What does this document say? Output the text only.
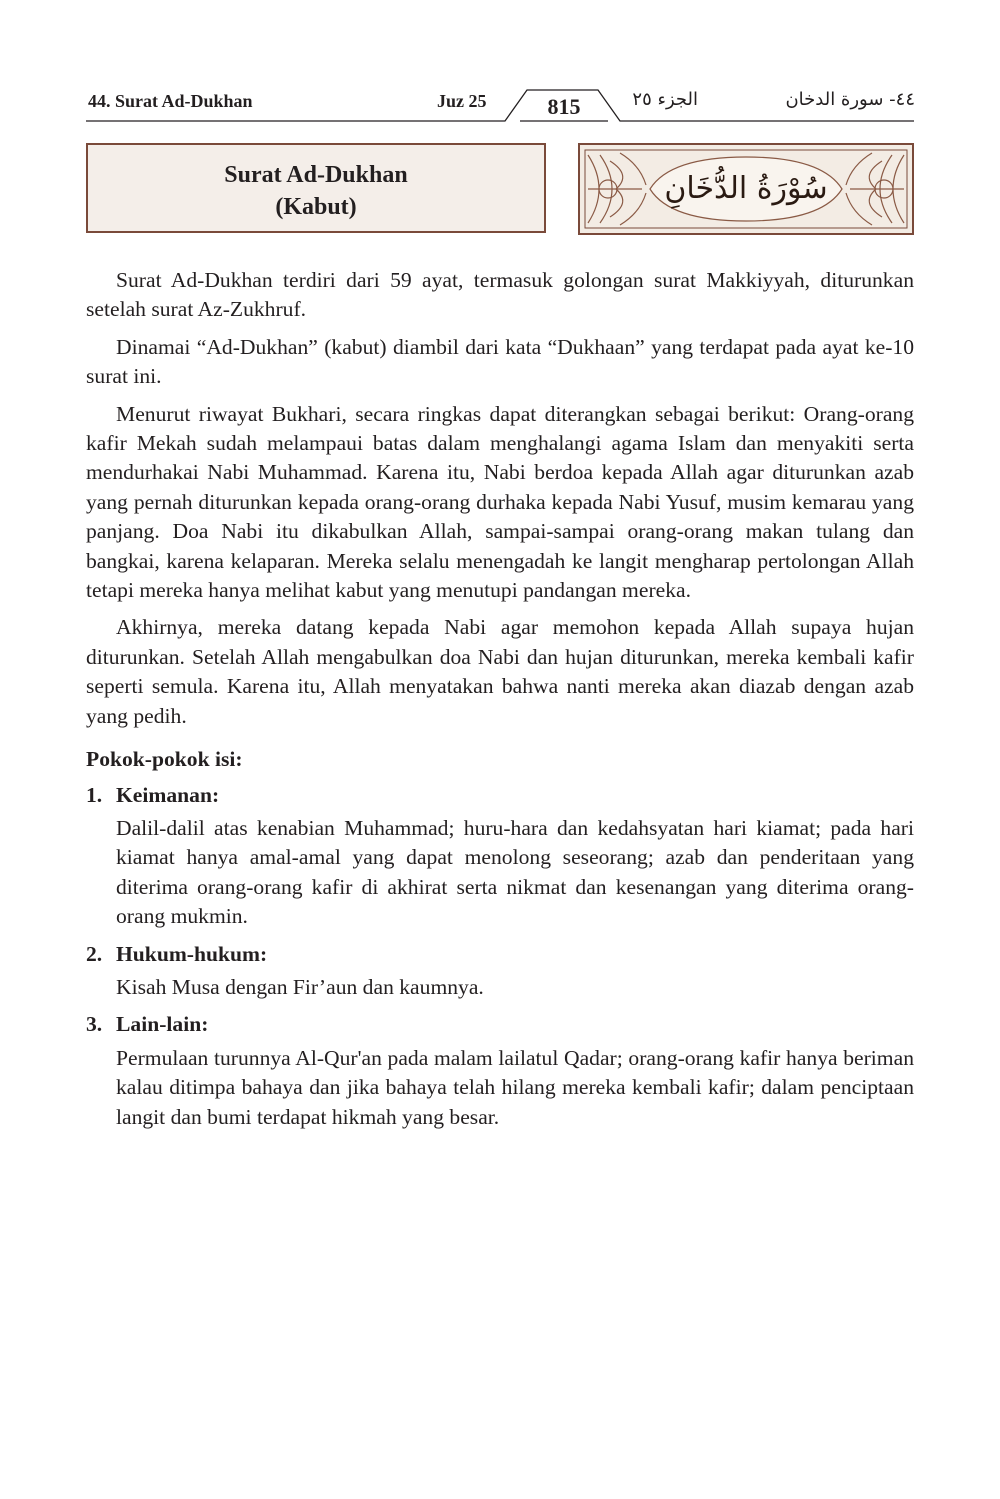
44. Surat Ad-Dukhan	Juz 25	815	الجزء ٢٥	٤٤- سورة الدخان
Surat Ad-Dukhan
(Kabut)
سُوْرَةُ الدُّخَانِ

Surat Ad-Dukhan terdiri dari 59 ayat, termasuk golongan surat Makkiyyah, diturunkan setelah surat Az-Zukhruf.

Dinamai “Ad-Dukhan” (kabut) diambil dari kata “Dukhaan” yang terdapat pada ayat ke-10 surat ini.

Menurut riwayat Bukhari, secara ringkas dapat diterangkan sebagai berikut: Orang-orang kafir Mekah sudah melampaui batas dalam menghalangi agama Islam dan menyakiti serta mendurhakai Nabi Muhammad. Karena itu, Nabi berdoa kepada Allah agar diturunkan azab yang pernah diturunkan kepada orang-orang durhaka kepada Nabi Yusuf, musim kemarau yang panjang. Doa Nabi itu dikabulkan Allah, sampai-sampai orang-orang makan tulang dan bangkai, karena kelaparan. Mereka selalu menengadah ke langit mengharap pertolongan Allah tetapi mereka hanya melihat kabut yang menutupi pandangan mereka.

Akhirnya, mereka datang kepada Nabi agar memohon kepada Allah supaya hujan diturunkan. Setelah Allah mengabulkan doa Nabi dan hujan diturunkan, mereka kembali kafir seperti semula. Karena itu, Allah menyatakan bahwa nanti mereka akan diazab dengan azab yang pedih.

Pokok-pokok isi:
1. Keimanan:
Dalil-dalil atas kenabian Muhammad; huru-hara dan kedahsyatan hari kiamat; pada hari kiamat hanya amal-amal yang dapat menolong seseorang; azab dan penderitaan yang diterima orang-orang kafir di akhirat serta nikmat dan kesenangan yang diterima orang-orang mukmin.
2. Hukum-hukum:
Kisah Musa dengan Fir’aun dan kaumnya.
3. Lain-lain:
Permulaan turunnya Al-Qur'an pada malam lailatul Qadar; orang-orang kafir hanya beriman kalau ditimpa bahaya dan jika bahaya telah hilang mereka kembali kafir; dalam penciptaan langit dan bumi terdapat hikmah yang besar.
